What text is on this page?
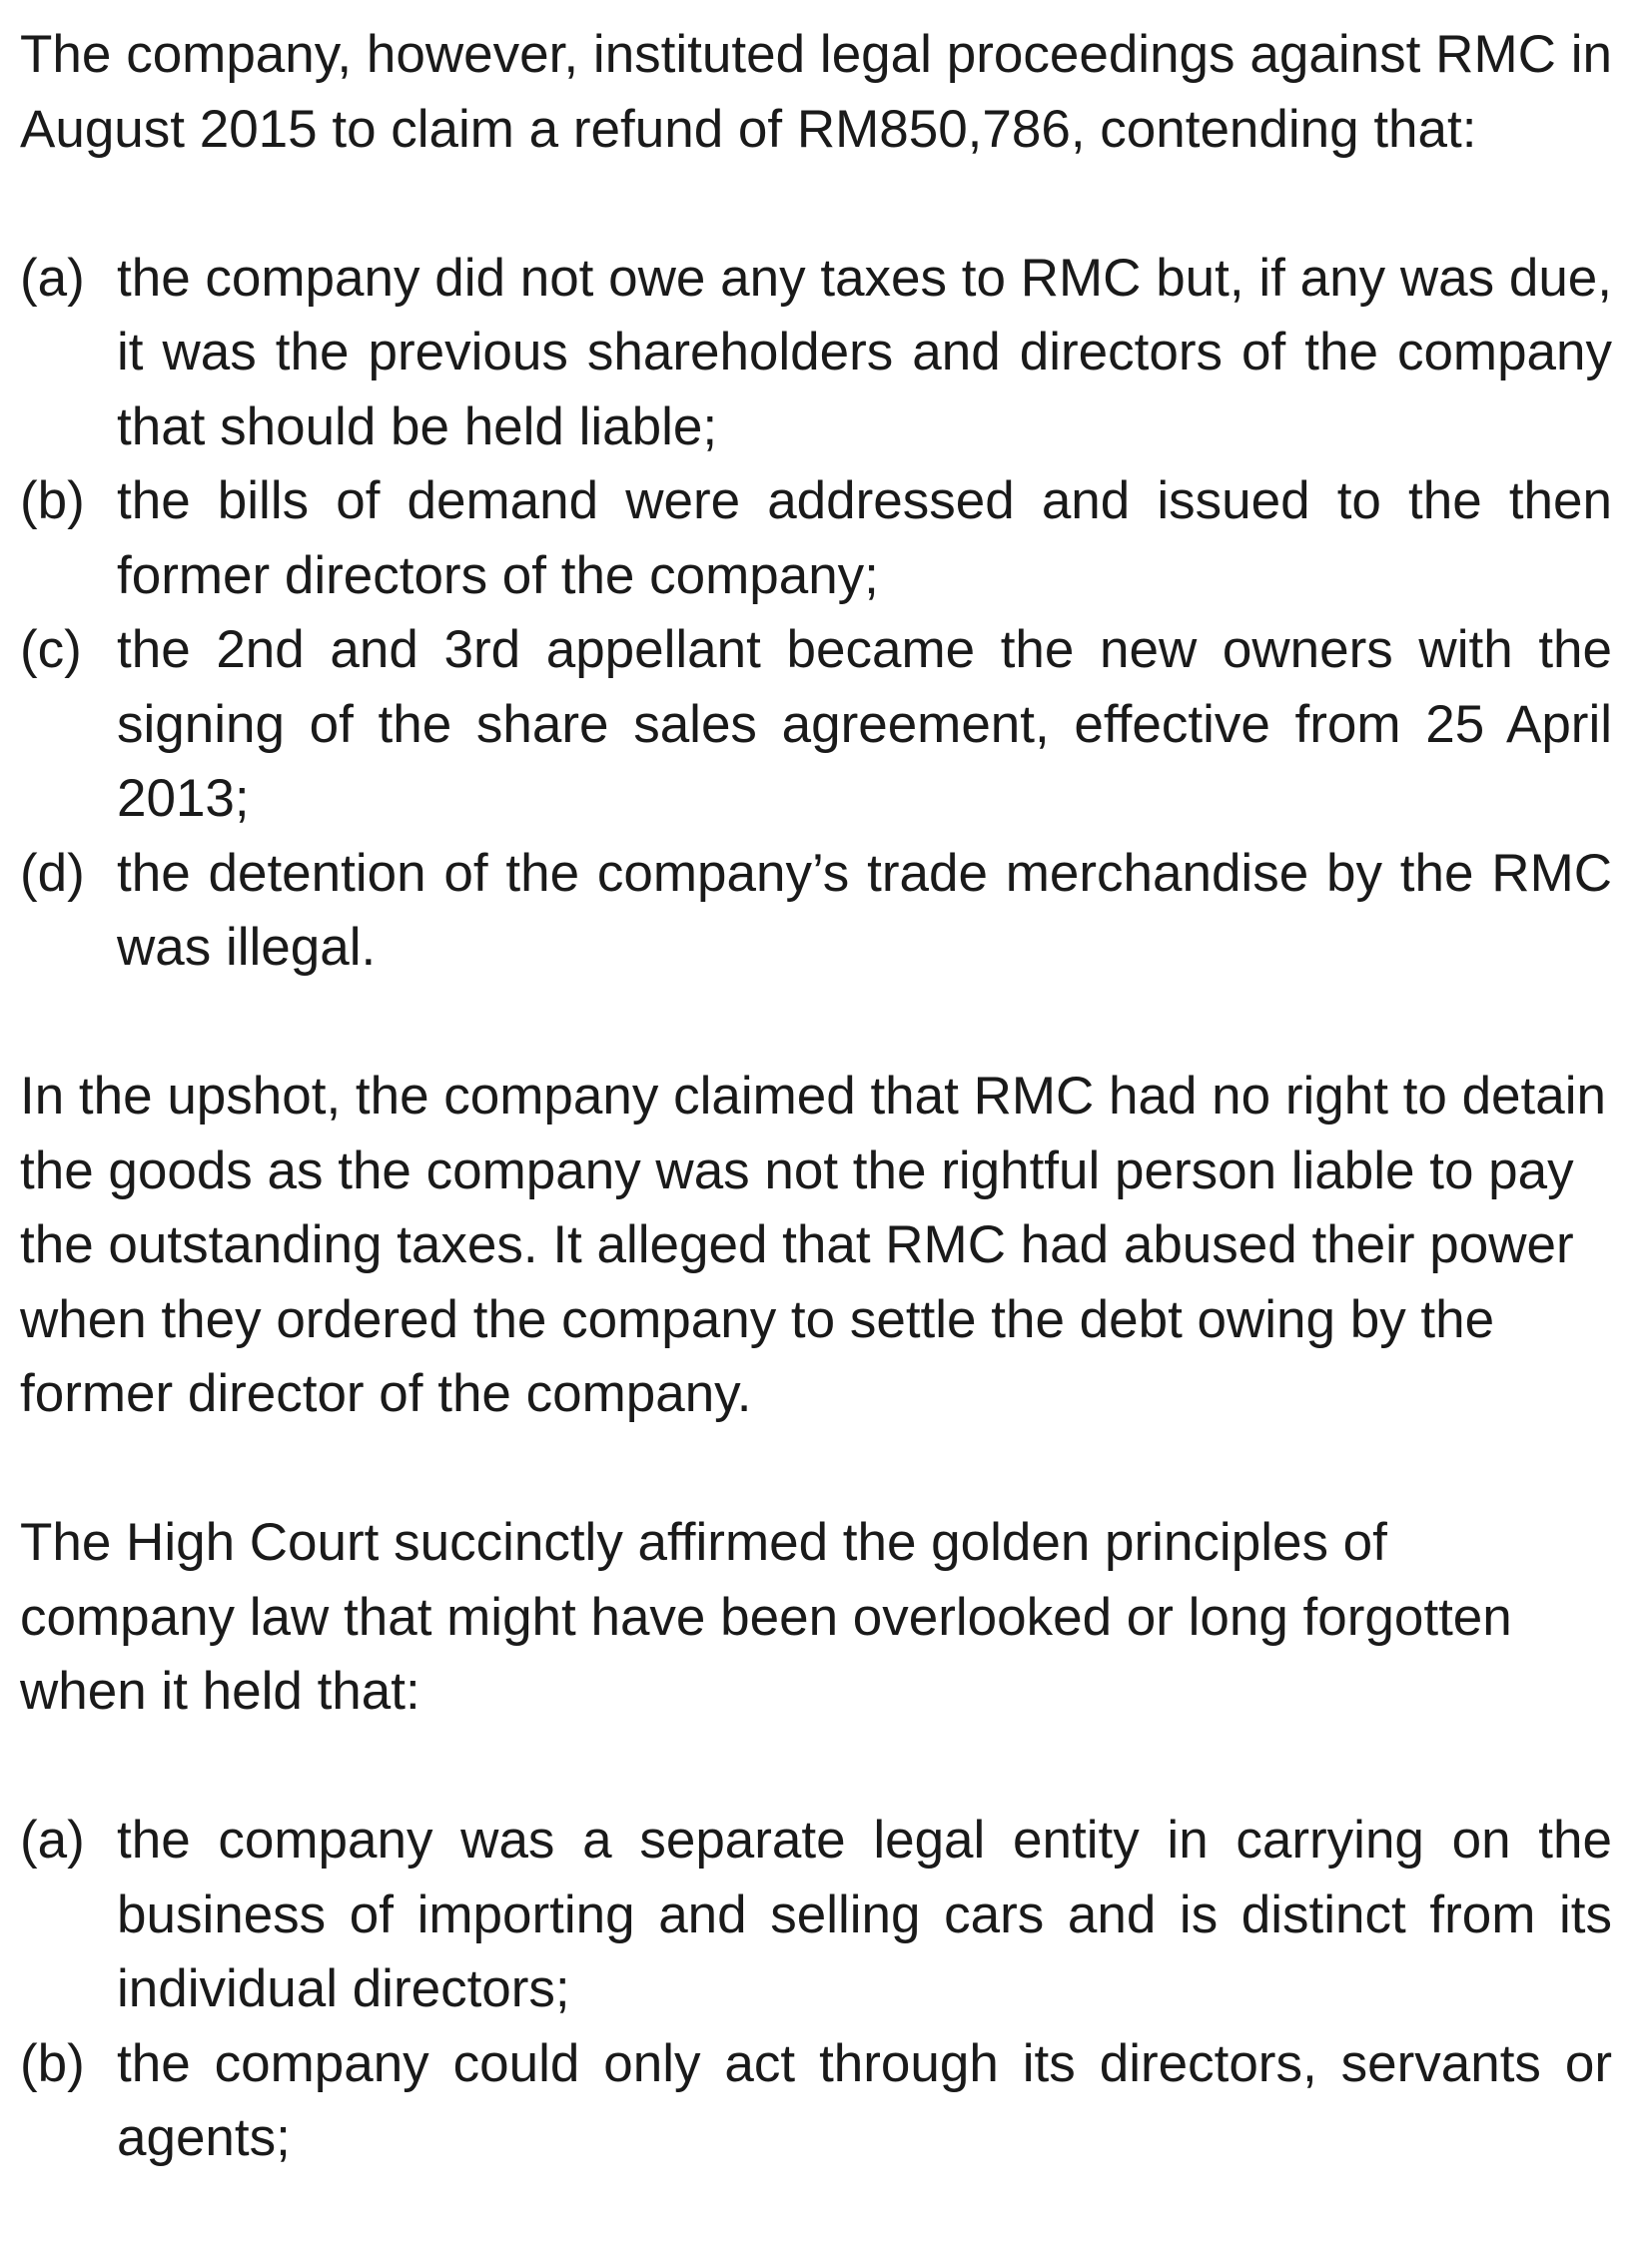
The company, however, instituted legal proceedings against RMC in August 2015 to claim a refund of RM850,786, contending that:

(a) the company did not owe any taxes to RMC but, if any was due, it was the previous shareholders and directors of the company that should be held liable;
(b) the bills of demand were addressed and issued to the then former directors of the company;
(c) the 2nd and 3rd appellant became the new owners with the signing of the share sales agreement, effective from 25 April 2013;
(d) the detention of the company’s trade merchandise by the RMC was illegal.

In the upshot, the company claimed that RMC had no right to detain the goods as the company was not the rightful person liable to pay the outstanding taxes. It alleged that RMC had abused their power when they ordered the company to settle the debt owing by the former director of the company.

The High Court succinctly affirmed the golden principles of company law that might have been overlooked or long forgotten when it held that:

(a) the company was a separate legal entity in carrying on the business of importing and selling cars and is distinct from its individual directors;
(b) the company could only act through its directors, servants or agents;
